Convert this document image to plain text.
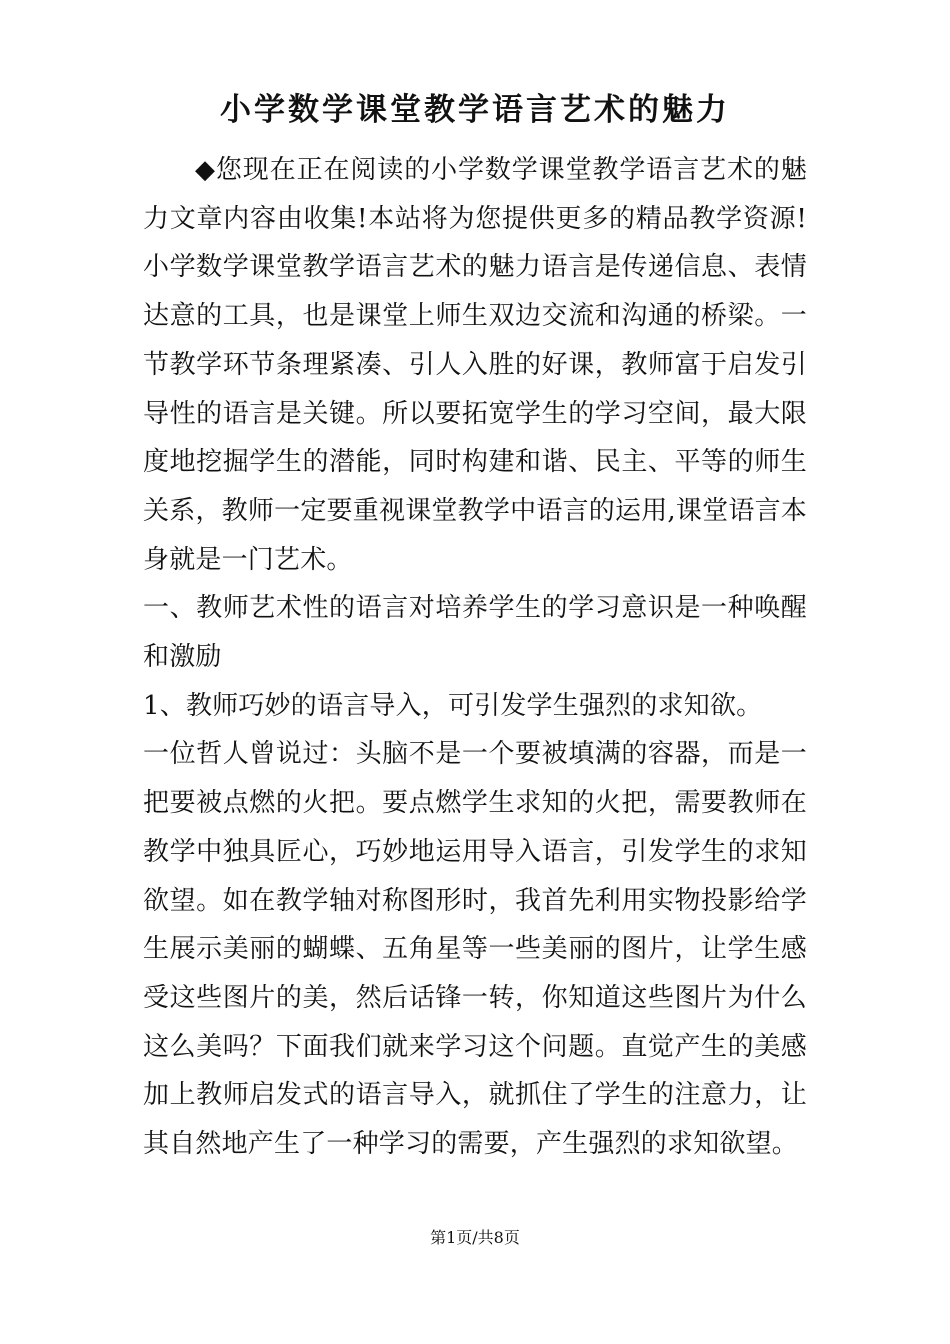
小学数学课堂教学语言艺术的魅力

◆您现在正在阅读的小学数学课堂教学语言艺术的魅力文章内容由收集!本站将为您提供更多的精品教学资源!小学数学课堂教学语言艺术的魅力语言是传递信息、表情达意的工具，也是课堂上师生双边交流和沟通的桥梁。一节教学环节条理紧凑、引人入胜的好课，教师富于启发引导性的语言是关键。所以要拓宽学生的学习空间，最大限度地挖掘学生的潜能，同时构建和谐、民主、平等的师生关系，教师一定要重视课堂教学中语言的运用,课堂语言本身就是一门艺术。

一、教师艺术性的语言对培养学生的学习意识是一种唤醒和激励

1、教师巧妙的语言导入，可引发学生强烈的求知欲。

一位哲人曾说过：头脑不是一个要被填满的容器，而是一把要被点燃的火把。要点燃学生求知的火把，需要教师在教学中独具匠心，巧妙地运用导入语言，引发学生的求知欲望。如在教学轴对称图形时，我首先利用实物投影给学生展示美丽的蝴蝶、五角星等一些美丽的图片，让学生感受这些图片的美，然后话锋一转，你知道这些图片为什么这么美吗？下面我们就来学习这个问题。直觉产生的美感加上教师启发式的语言导入，就抓住了学生的注意力，让其自然地产生了一种学习的需要，产生强烈的求知欲望。

第1页/共8页
